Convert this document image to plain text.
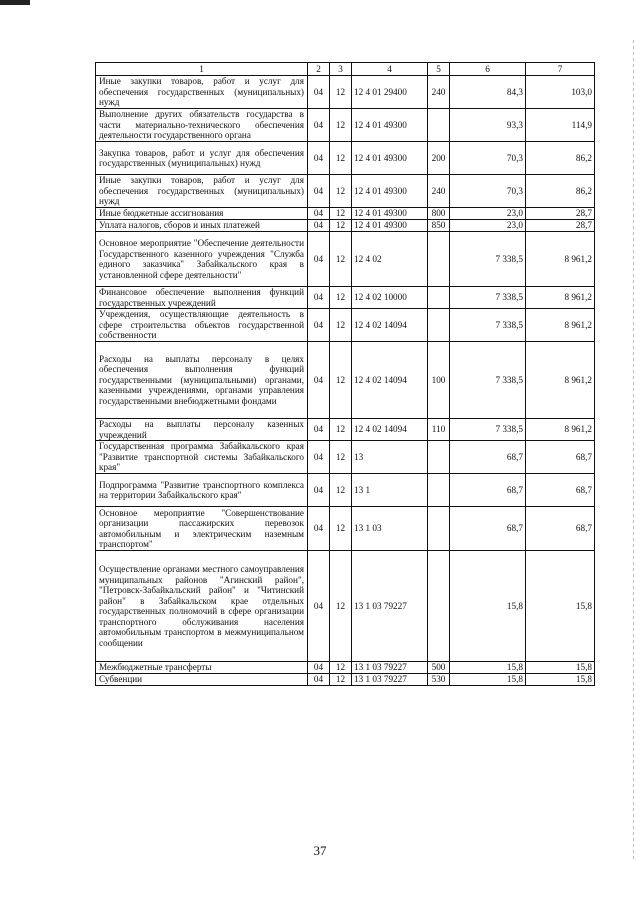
1	2	3	4	5	6	7
Иные закупки товаров, работ и услуг для обеспечения государственных (муниципальных) нужд	04	12	12 4 01 29400	240	84,3	103,0
Выполнение других обязательств государства в части материально-технического обеспечения деятельности государственного органа	04	12	12 4 01 49300		93,3	114,9
Закупка товаров, работ и услуг для обеспечения государственных (муниципальных) нужд	04	12	12 4 01 49300	200	70,3	86,2
Иные закупки товаров, работ и услуг для обеспечения государственных (муниципальных) нужд	04	12	12 4 01 49300	240	70,3	86,2
Иные бюджетные ассигнования	04	12	12 4 01 49300	800	23,0	28,7
Уплата налогов, сборов и иных платежей	04	12	12 4 01 49300	850	23,0	28,7
Основное мероприятие "Обеспечение деятельности Государственного казенного учреждения "Служба единого заказчика" Забайкальского края в установленной сфере деятельности"	04	12	12 4 02		7 338,5	8 961,2
Финансовое обеспечение выполнения функций государственных учреждений	04	12	12 4 02 10000		7 338,5	8 961,2
Учреждения, осуществляющие деятельность в сфере строительства объектов государственной собственности	04	12	12 4 02 14094		7 338,5	8 961,2
Расходы на выплаты персоналу в целях обеспечения выполнения функций государственными (муниципальными) органами, казенными учреждениями, органами управления государственными внебюджетными фондами	04	12	12 4 02 14094	100	7 338,5	8 961,2
Расходы на выплаты персоналу казенных учреждений	04	12	12 4 02 14094	110	7 338,5	8 961,2
Государственная программа Забайкальского края "Развитие транспортной системы Забайкальского края"	04	12	13		68,7	68,7
Подпрограмма "Развитие транспортного комплекса на территории Забайкальского края"	04	12	13 1		68,7	68,7
Основное мероприятие "Совершенствование организации пассажирских перевозок автомобильным и электрическим наземным транспортом"	04	12	13 1 03		68,7	68,7
Осуществление органами местного самоуправления муниципальных районов "Агинский район", "Петровск-Забайкальский район" и "Читинский район" в Забайкальском крае отдельных государственных полномочий в сфере организации транспортного обслуживания населения автомобильным транспортом в межмуниципальном сообщении	04	12	13 1 03 79227		15,8	15,8
Межбюджетные трансферты	04	12	13 1 03 79227	500	15,8	15,8
Субвенции	04	12	13 1 03 79227	530	15,8	15,8
37
